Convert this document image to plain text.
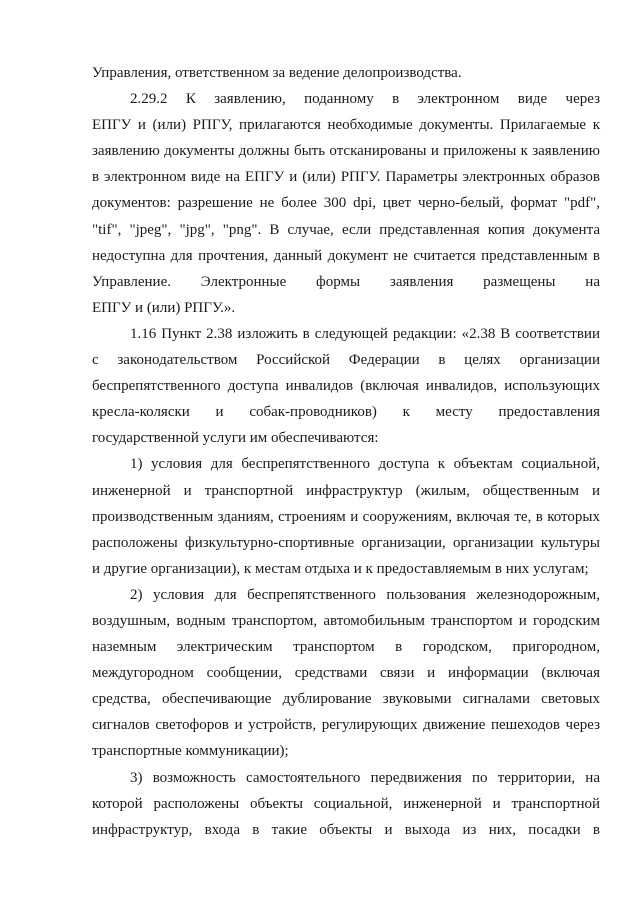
Управления, ответственном за ведение делопроизводства.

2.29.2 К заявлению, поданному в электронном виде через
ЕПГУ и (или) РПГУ, прилагаются необходимые документы. Прилагаемые к
заявлению документы должны быть отсканированы и приложены к заявлению
в электронном виде на ЕПГУ и (или) РПГУ. Параметры электронных образов
документов: разрешение не более 300 dpi, цвет черно-белый, формат "pdf",
"tif", "jpeg", "jpg", "png". В случае, если представленная копия документа
недоступна для прочтения, данный документ не считается представленным в
Управление. Электронные формы заявления размещены на
ЕПГУ и (или) РПГУ.».

1.16 Пункт 2.38 изложить в следующей редакции: «2.38 В соответствии
с законодательством Российской Федерации в целях организации
беспрепятственного доступа инвалидов (включая инвалидов, использующих
кресла-коляски и собак-проводников) к месту предоставления
государственной услуги им обеспечиваются:

1) условия для беспрепятственного доступа к объектам социальной,
инженерной и транспортной инфраструктур (жилым, общественным и
производственным зданиям, строениям и сооружениям, включая те, в которых
расположены физкультурно-спортивные организации, организации культуры
и другие организации), к местам отдыха и к предоставляемым в них услугам;

2) условия для беспрепятственного пользования железнодорожным,
воздушным, водным транспортом, автомобильным транспортом и городским
наземным электрическим транспортом в городском, пригородном,
междугородном сообщении, средствами связи и информации (включая
средства, обеспечивающие дублирование звуковыми сигналами световых
сигналов светофоров и устройств, регулирующих движение пешеходов через
транспортные коммуникации);

3) возможность самостоятельного передвижения по территории, на
которой расположены объекты социальной, инженерной и транспортной
инфраструктур, входа в такие объекты и выхода из них, посадки в
